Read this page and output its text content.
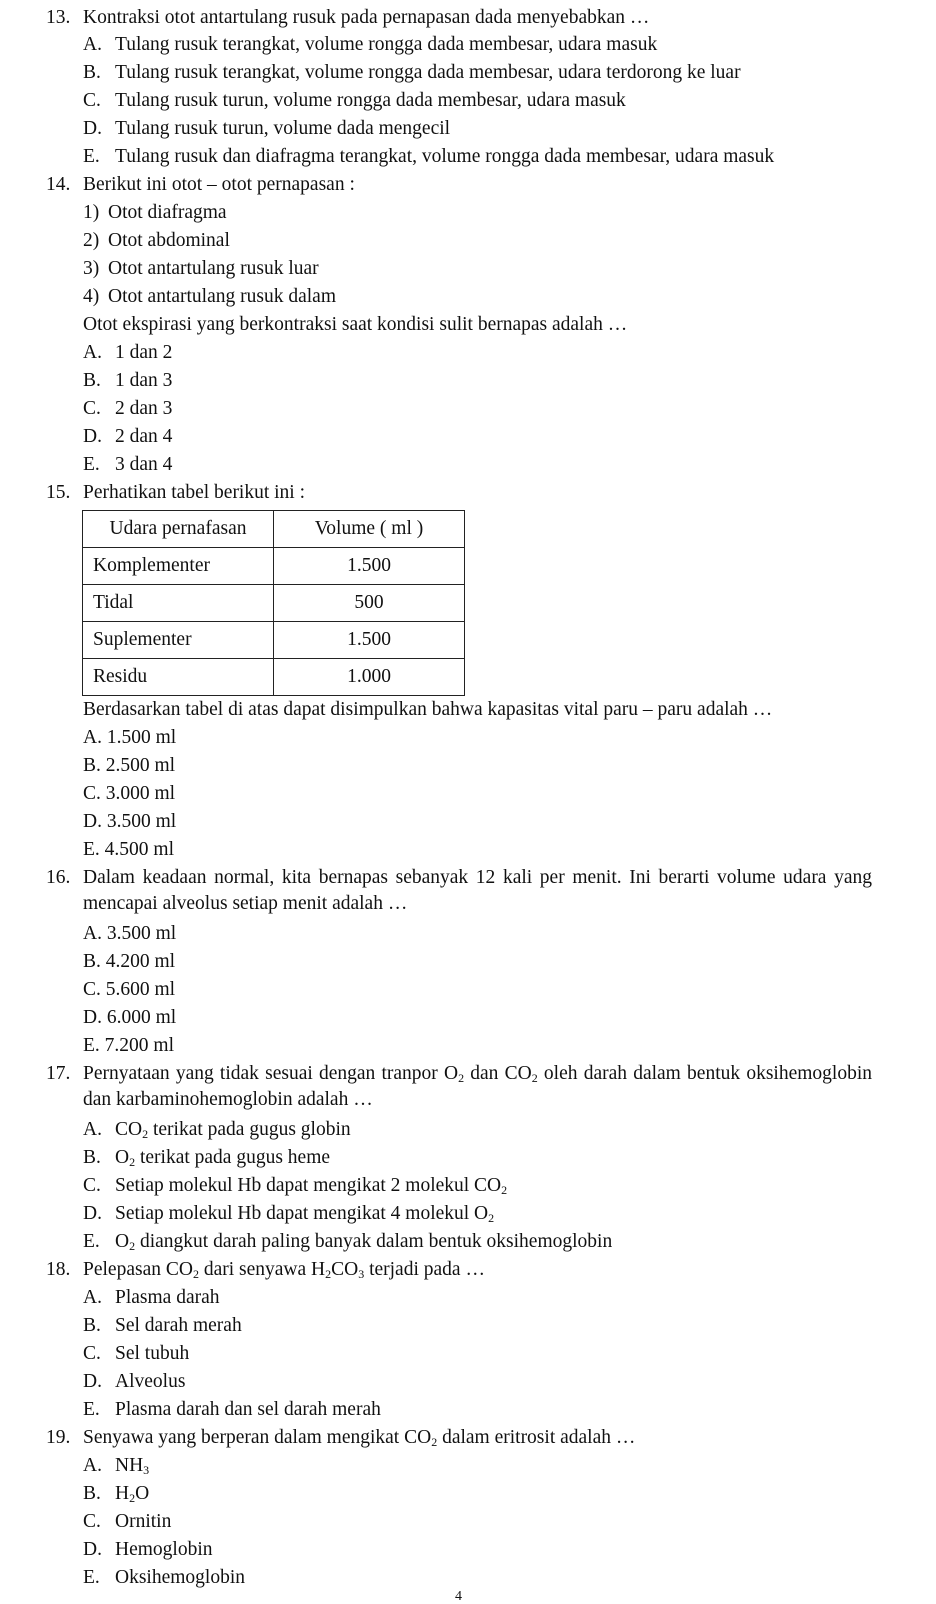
13. Kontraksi otot antartulang rusuk pada pernapasan dada menyebabkan …
A. Tulang rusuk terangkat, volume rongga dada membesar, udara masuk
B. Tulang rusuk terangkat, volume rongga dada membesar, udara terdorong ke luar
C. Tulang rusuk turun, volume rongga dada membesar, udara masuk
D. Tulang rusuk turun, volume dada mengecil
E. Tulang rusuk dan diafragma terangkat, volume rongga dada membesar, udara masuk
14. Berikut ini otot – otot pernapasan :
1) Otot diafragma
2) Otot abdominal
3) Otot antartulang rusuk luar
4) Otot antartulang rusuk dalam
Otot ekspirasi yang berkontraksi saat kondisi sulit bernapas adalah …
A. 1 dan 2
B. 1 dan 3
C. 2 dan 3
D. 2 dan 4
E. 3 dan 4
15. Perhatikan tabel berikut ini :
Udara pernafasan	Volume ( ml )
Komplementer	1.500
Tidal	500
Suplementer	1.500
Residu	1.000
Berdasarkan tabel di atas dapat disimpulkan bahwa kapasitas vital paru – paru adalah …
A. 1.500 ml
B. 2.500 ml
C. 3.000 ml
D. 3.500 ml
E. 4.500 ml
16. Dalam keadaan normal, kita bernapas sebanyak 12 kali per menit. Ini berarti volume udara yang mencapai alveolus setiap menit adalah …
A. 3.500 ml
B. 4.200 ml
C. 5.600 ml
D. 6.000 ml
E. 7.200 ml
17. Pernyataan yang tidak sesuai dengan tranpor $O_2$ dan $CO_2$ oleh darah dalam bentuk oksihemoglobin dan karbaminohemoglobin adalah …
A. $CO_2$ terikat pada gugus globin
B. $O_2$ terikat pada gugus heme
C. Setiap molekul Hb dapat mengikat 2 molekul $CO_2$
D. Setiap molekul Hb dapat mengikat 4 molekul $O_2$
E. $O_2$ diangkut darah paling banyak dalam bentuk oksihemoglobin
18. Pelepasan $CO_2$ dari senyawa $H_2CO_3$ terjadi pada …
A. Plasma darah
B. Sel darah merah
C. Sel tubuh
D. Alveolus
E. Plasma darah dan sel darah merah
19. Senyawa yang berperan dalam mengikat $CO_2$ dalam eritrosit adalah …
A. $NH_3$
B. $H_2O$
C. Ornitin
D. Hemoglobin
E. Oksihemoglobin
4
